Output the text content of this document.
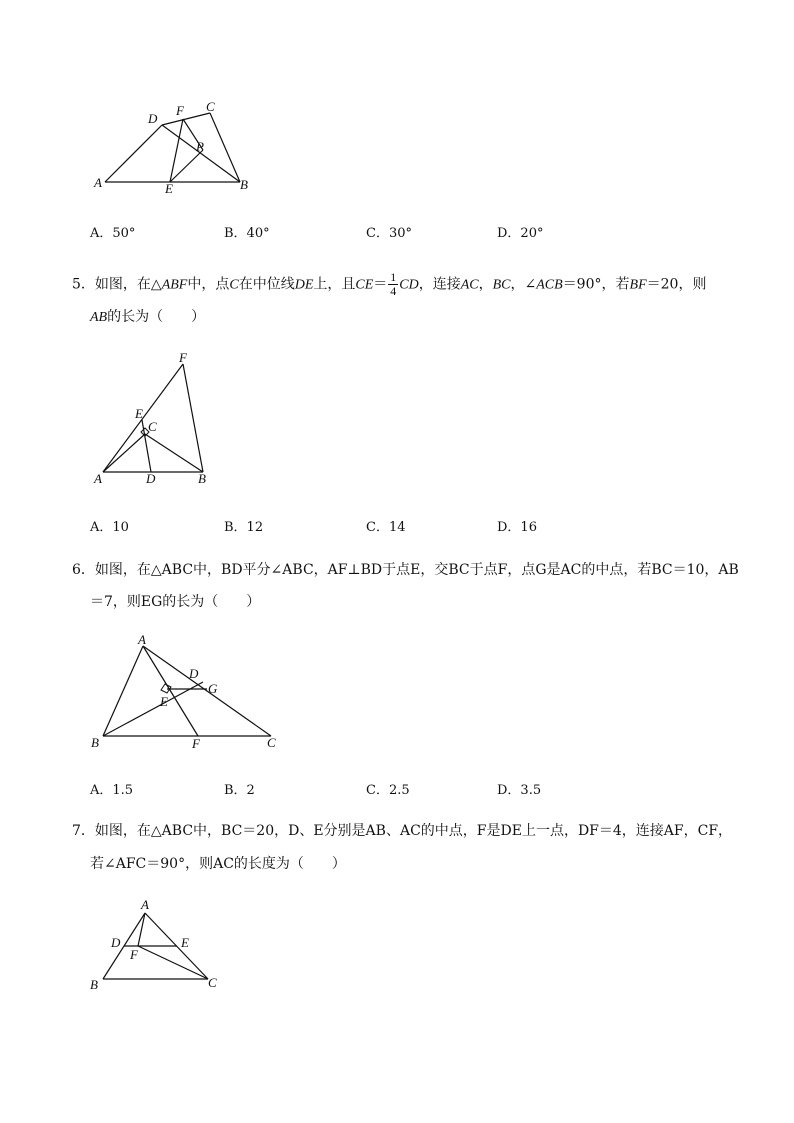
A	B
C
D
E
F
P
A．50°	B．40°	C．30°	D．20°
5．如图，在△ABF中，点C在中位线DE上，且$CE= \frac{1}{4}$ CD，连接AC，BC，∠ACB＝90°，若BF＝20，则
AB的长为（　　）
A	B
C
D
E
F
A．10	B．12	C．14	D．16
6．如图，在△ABC中，BD平分∠ABC，AF⊥BD于点E，交BC于点F，点G是AC的中点，若BC＝10，AB
＝7，则EG的长为（　　）
A
B	C
D
E
F
G
A．1.5	B．2	C．2.5	D．3.5
7．如图，在△ABC中，BC＝20，D、E分别是AB、AC的中点，F是DE上一点，DF＝4，连接AF，CF，
若∠AFC＝90°，则AC的长度为（　　）
A
B	C
D	E
F
